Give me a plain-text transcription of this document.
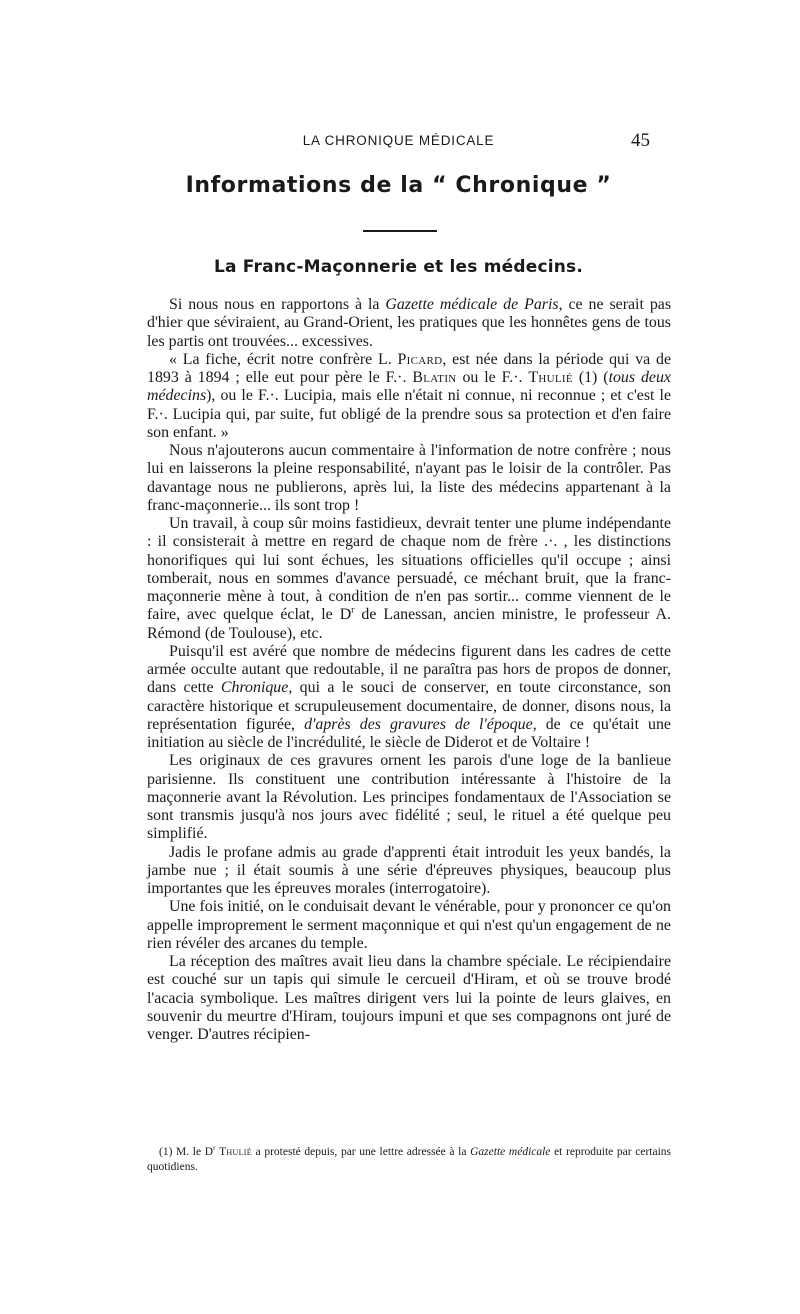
LA CHRONIQUE MÉDICALE	45
Informations de la “ Chronique ”
La Franc-Maçonnerie et les médecins.

Si nous nous en rapportons à la Gazette médicale de Paris, ce ne serait pas d'hier que séviraient, au Grand-Orient, les pratiques que les honnêtes gens de tous les partis ont trouvées... excessives.

« La fiche, écrit notre confrère L. Picard, est née dans la période qui va de 1893 à 1894 ; elle eut pour père le F.·. Blatin ou le F.·. Thulié (1) (tous deux médecins), ou le F.·. Lucipia, mais elle n'était ni connue, ni reconnue ; et c'est le F.·. Lucipia qui, par suite, fut obligé de la prendre sous sa protection et d'en faire son enfant. »

Nous n'ajouterons aucun commentaire à l'information de notre confrère ; nous lui en laisserons la pleine responsabilité, n'ayant pas le loisir de la contrôler. Pas davantage nous ne publierons, après lui, la liste des médecins appartenant à la franc-maçonnerie... ils sont trop !

Un travail, à coup sûr moins fastidieux, devrait tenter une plume indépendante : il consisterait à mettre en regard de chaque nom de frère .·. , les distinctions honorifiques qui lui sont échues, les situations officielles qu'il occupe ; ainsi tomberait, nous en sommes d'avance persuadé, ce méchant bruit, que la franc-maçonnerie mène à tout, à condition de n'en pas sortir... comme viennent de le faire, avec quelque éclat, le $D^r$ de Lanessan, ancien ministre, le professeur A. Rémond (de Toulouse), etc.

Puisqu'il est avéré que nombre de médecins figurent dans les cadres de cette armée occulte autant que redoutable, il ne paraîtra pas hors de propos de donner, dans cette Chronique, qui a le souci de conserver, en toute circonstance, son caractère historique et scrupuleusement documentaire, de donner, disons nous, la représentation figurée, d'après des gravures de l'époque, de ce qu'était une initiation au siècle de l'incrédulité, le siècle de Diderot et de Voltaire !

Les originaux de ces gravures ornent les parois d'une loge de la banlieue parisienne. Ils constituent une contribution intéressante à l'histoire de la maçonnerie avant la Révolution. Les principes fondamentaux de l'Association se sont transmis jusqu'à nos jours avec fidélité ; seul, le rituel a été quelque peu simplifié.

Jadis le profane admis au grade d'apprenti était introduit les yeux bandés, la jambe nue ; il était soumis à une série d'épreuves physiques, beaucoup plus importantes que les épreuves morales (interrogatoire).

Une fois initié, on le conduisait devant le vénérable, pour y prononcer ce qu'on appelle improprement le serment maçonnique et qui n'est qu'un engagement de ne rien révéler des arcanes du temple.

La réception des maîtres avait lieu dans la chambre spéciale. Le récipiendaire est couché sur un tapis qui simule le cercueil d'Hiram, et où se trouve brodé l'acacia symbolique. Les maîtres dirigent vers lui la pointe de leurs glaives, en souvenir du meurtre d'Hiram, toujours impuni et que ses compagnons ont juré de venger. D'autres récipien-

(1) M. le $D^r$ Thulié a protesté depuis, par une lettre adressée à la Gazette médicale et reproduite par certains quotidiens.
